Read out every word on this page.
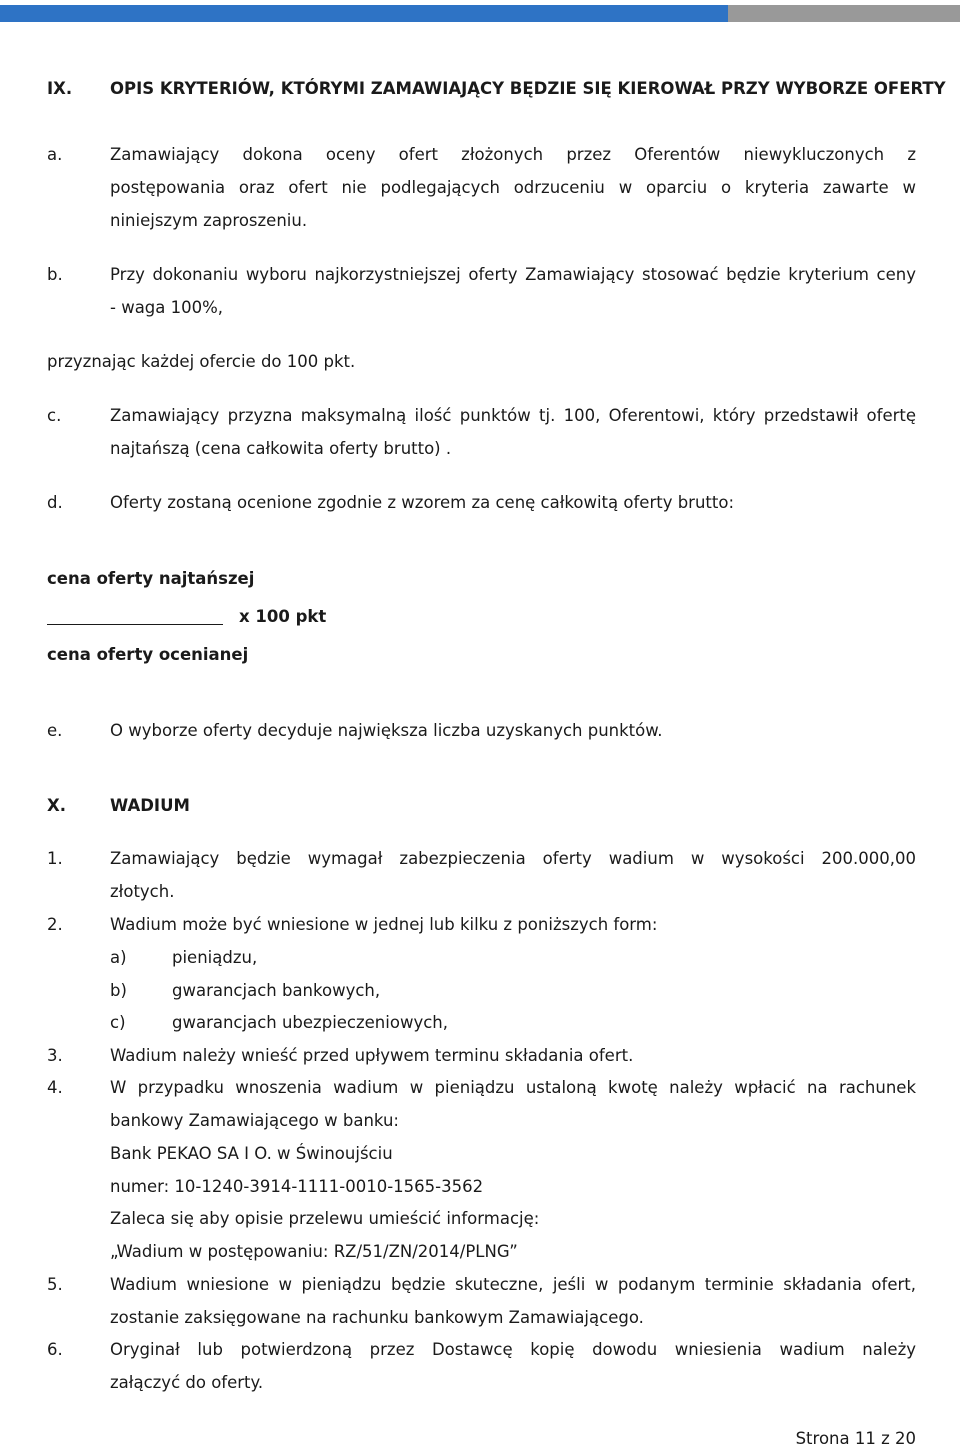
IX. OPIS KRYTERIÓW, KTÓRYMI ZAMAWIAJĄCY BĘDZIE SIĘ KIEROWAŁ PRZY WYBORZE OFERTY
a.	Zamawiający dokona oceny ofert złożonych przez Oferentów niewykluczonych z
postępowania oraz ofert nie podlegających odrzuceniu w oparciu o kryteria zawarte w
niniejszym zaproszeniu.
b.	Przy dokonaniu wyboru najkorzystniejszej oferty Zamawiający stosować będzie kryterium ceny
- waga 100%,
przyznając każdej ofercie do 100 pkt.
c.	Zamawiający przyzna maksymalną ilość punktów tj. 100, Oferentowi, który przedstawił ofertę
najtańszą (cena całkowita oferty brutto) .
d.	Oferty zostaną ocenione zgodnie z wzorem za cenę całkowitą oferty brutto:
cena oferty najtańszej
x 100 pkt
cena oferty ocenianej
e.	O wyborze oferty decyduje największa liczba uzyskanych punktów.
X.	WADIUM
1.	Zamawiający będzie wymagał zabezpieczenia oferty wadium w wysokości 200.000,00
złotych.
2.	Wadium może być wniesione w jednej lub kilku z poniższych form:
a)	pieniądzu,
b)	gwarancjach bankowych,
c)	gwarancjach ubezpieczeniowych,
3.	Wadium należy wnieść przed upływem terminu składania ofert.
4.	W przypadku wnoszenia wadium w pieniądzu ustaloną kwotę należy wpłacić na rachunek
bankowy Zamawiającego w banku:
Bank PEKAO SA I O. w Świnoujściu
numer: 10-1240-3914-1111-0010-1565-3562
Zaleca się aby opisie przelewu umieścić informację:
„Wadium w postępowaniu: RZ/51/ZN/2014/PLNG”
5.	Wadium wniesione w pieniądzu będzie skuteczne, jeśli w podanym terminie składania ofert,
zostanie zaksięgowane na rachunku bankowym Zamawiającego.
6.	Oryginał lub potwierdzoną przez Dostawcę kopię dowodu wniesienia wadium należy
załączyć do oferty.
Strona 11 z 20
